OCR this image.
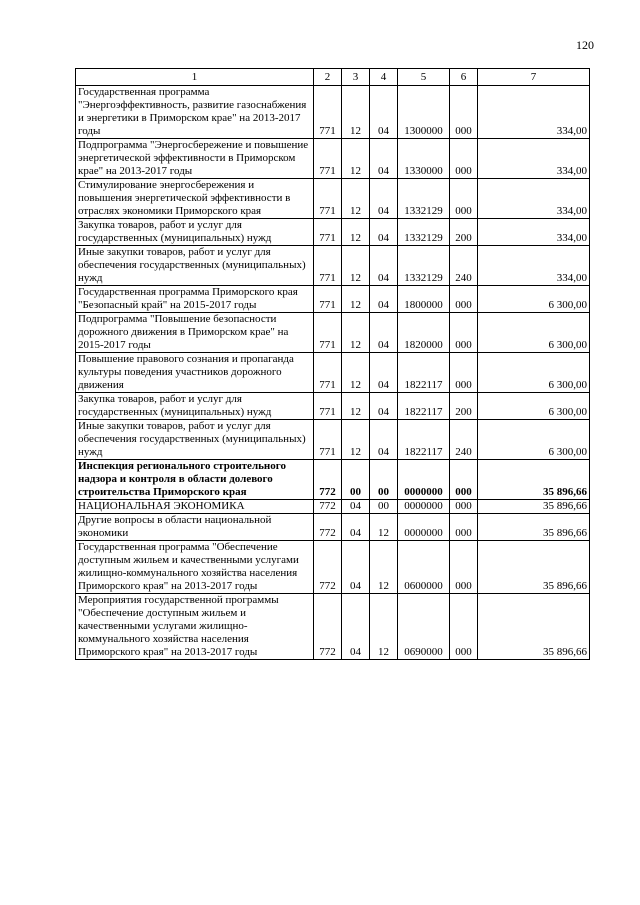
120
1	2	3	4	5	6	7
Государственная программа "Энергоэффективность, развитие газоснабжения и энергетики в Приморском крае" на 2013-2017 годы	771	12	04	1300000	000	334,00
Подпрограмма "Энергосбережение и повышение энергетической эффективности в Приморском крае" на 2013-2017 годы	771	12	04	1330000	000	334,00
Стимулирование энергосбережения и повышения энергетической эффективности в отраслях экономики Приморского края	771	12	04	1332129	000	334,00
Закупка товаров, работ и услуг для государственных (муниципальных) нужд	771	12	04	1332129	200	334,00
Иные закупки товаров, работ и услуг для обеспечения государственных (муниципальных) нужд	771	12	04	1332129	240	334,00
Государственная программа Приморского края "Безопасный край" на 2015-2017 годы	771	12	04	1800000	000	6 300,00
Подпрограмма "Повышение безопасности дорожного движения в Приморском крае" на 2015-2017 годы	771	12	04	1820000	000	6 300,00
Повышение правового сознания и пропаганда культуры поведения участников дорожного движения	771	12	04	1822117	000	6 300,00
Закупка товаров, работ и услуг для государственных (муниципальных) нужд	771	12	04	1822117	200	6 300,00
Иные закупки товаров, работ и услуг для обеспечения государственных (муниципальных) нужд	771	12	04	1822117	240	6 300,00
Инспекция регионального строительного надзора и контроля в области долевого строительства Приморского края	772	00	00	0000000	000	35 896,66
НАЦИОНАЛЬНАЯ ЭКОНОМИКА	772	04	00	0000000	000	35 896,66
Другие вопросы в области национальной экономики	772	04	12	0000000	000	35 896,66
Государственная программа "Обеспечение доступным жильем и качественными услугами жилищно-коммунального хозяйства населения Приморского края" на 2013-2017 годы	772	04	12	0600000	000	35 896,66
Мероприятия государственной программы "Обеспечение доступным жильем и качественными услугами жилищно-коммунального хозяйства населения Приморского края" на 2013-2017 годы	772	04	12	0690000	000	35 896,66
